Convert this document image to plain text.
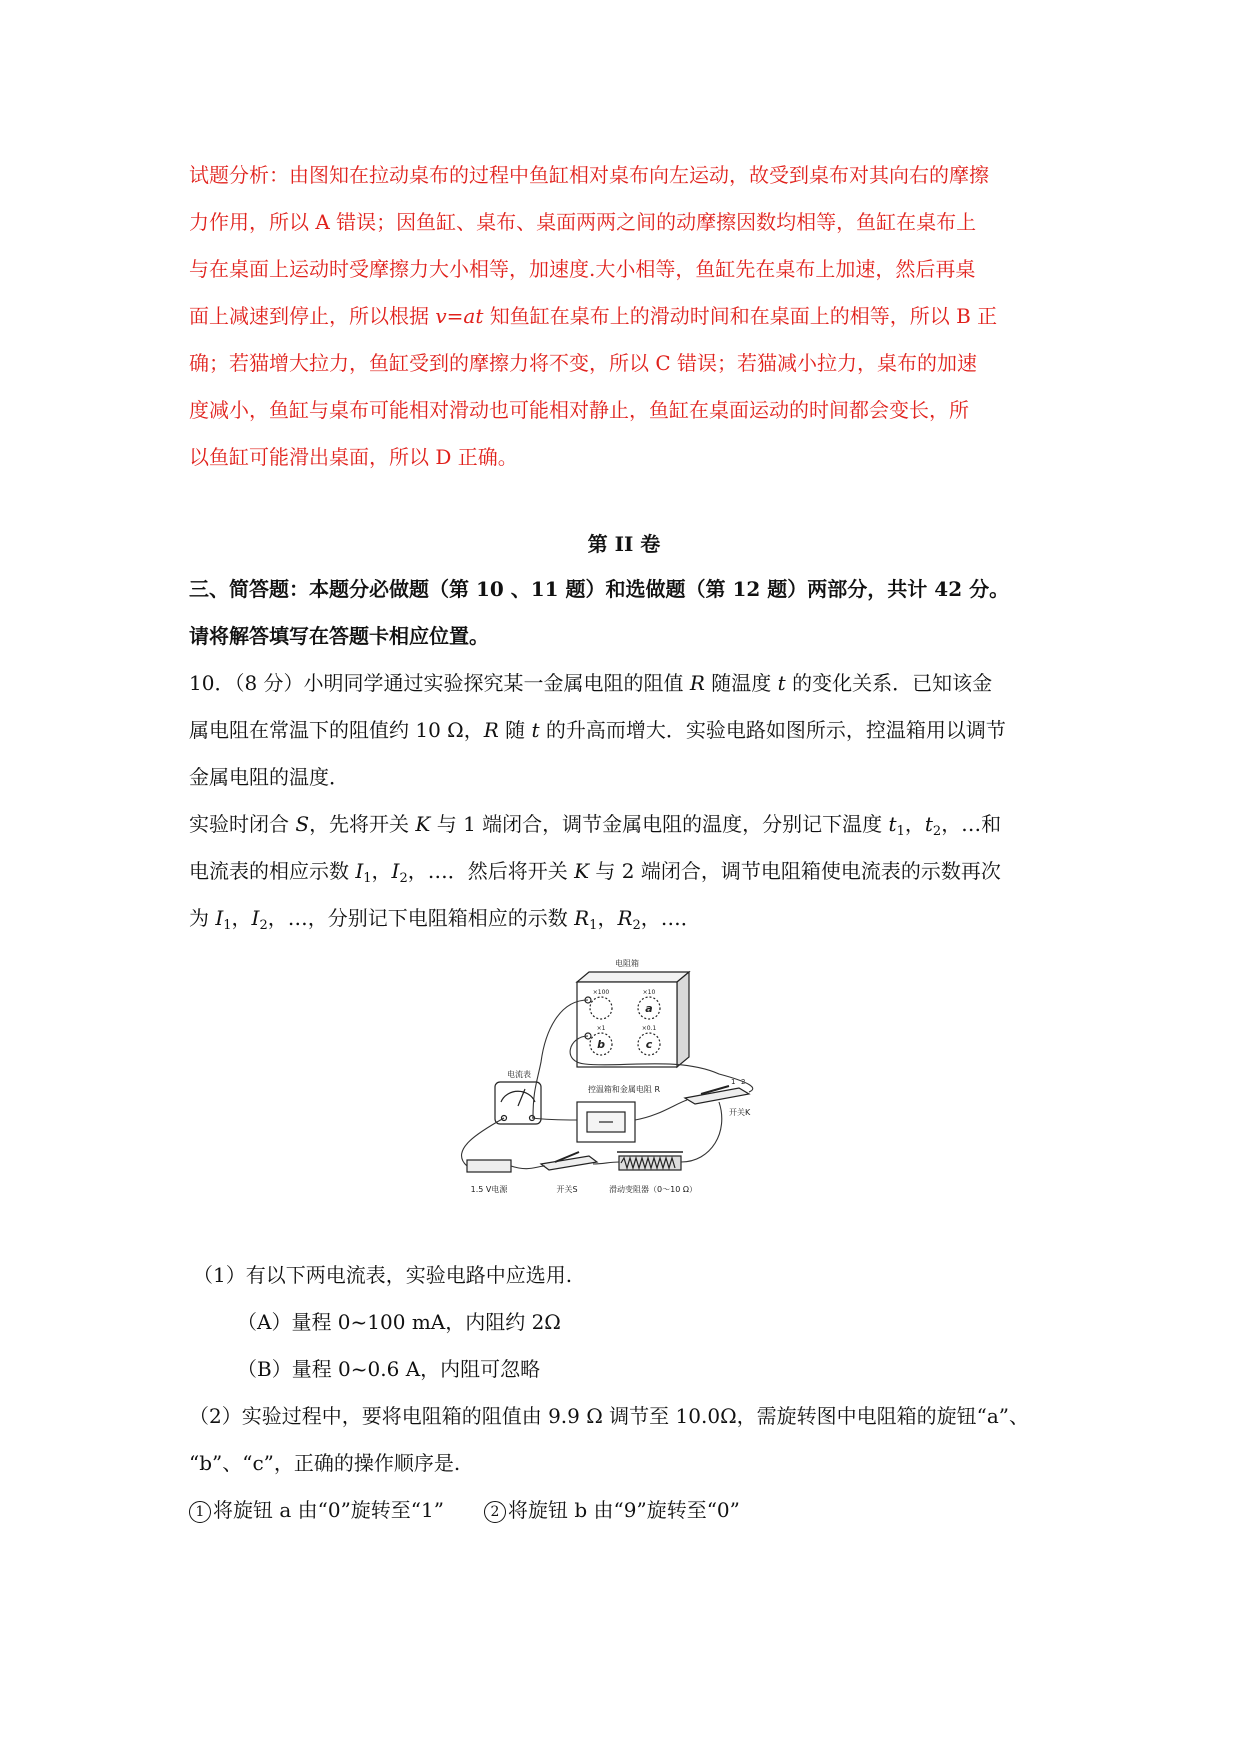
试题分析：由图知在拉动桌布的过程中鱼缸相对桌布向左运动，故受到桌布对其向右的摩擦

力作用，所以 A 错误；因鱼缸、桌布、桌面两两之间的动摩擦因数均相等，鱼缸在桌布上

与在桌面上运动时受摩擦力大小相等，加速度.大小相等，鱼缸先在桌布上加速，然后再桌

面上减速到停止，所以根据 v=at 知鱼缸在桌布上的滑动时间和在桌面上的相等，所以 B 正

确；若猫增大拉力，鱼缸受到的摩擦力将不变，所以 C 错误；若猫减小拉力，桌布的加速

度减小，鱼缸与桌布可能相对滑动也可能相对静止，鱼缸在桌面运动的时间都会变长，所

以鱼缸可能滑出桌面，所以 D 正确。

第 II 卷

三、简答题：本题分必做题（第 10 、11 题）和选做题（第 12 题）两部分，共计 42 分。

请将解答填写在答题卡相应位置。

10．（8 分）小明同学通过实验探究某一金属电阻的阻值 R 随温度 t 的变化关系．已知该金

属电阻在常温下的阻值约 10 Ω，R 随 t 的升高而增大．实验电路如图所示，控温箱用以调节

金属电阻的温度．

实验时闭合 S，先将开关 K 与 1 端闭合，调节金属电阻的温度，分别记下温度 $t_1$，$t_2$，…和

电流表的相应示数 $I_1$，$I_2$，…．然后将开关 K 与 2 端闭合，调节电阻箱使电流表的示数再次

为 $I_1$，$I_2$，…，分别记下电阻箱相应的示数 $R_1$，$R_2$，…．

电阻箱
×100	×10
×1	×0.1
a
b	c
电流表
控温箱和金属电阻 R
1 2
开关K
1.5 V电源	开关S	滑动变阻器（0～10 Ω）

（1）有以下两电流表，实验电路中应选用.

（A）量程 0~100 mA，内阻约 2Ω

（B）量程 0~0.6 A，内阻可忽略

（2）实验过程中，要将电阻箱的阻值由 9.9 Ω 调节至 10.0Ω，需旋转图中电阻箱的旋钮“a”、

“b”、“c”，正确的操作顺序是.

1 将旋钮 a 由“0”旋转至“1”	2 将旋钮 b 由“9”旋转至“0”
